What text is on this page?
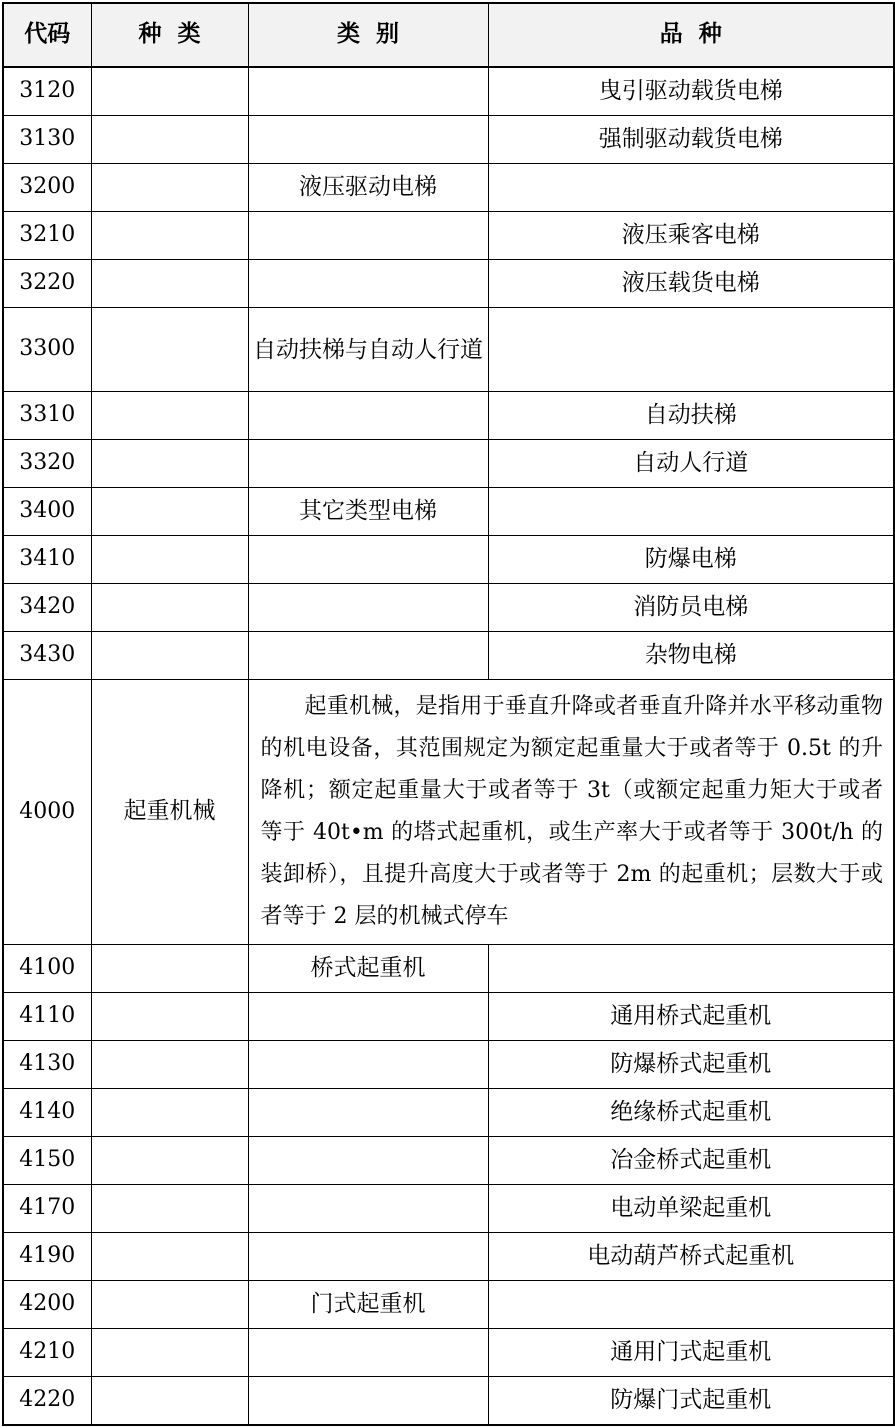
代码	种  类	类  别	品  种
3120			曳引驱动载货电梯
3130			强制驱动载货电梯
3200		液压驱动电梯	
3210			液压乘客电梯
3220			液压载货电梯
3300		自动扶梯与自动人行道	
3310			自动扶梯
3320			自动人行道
3400		其它类型电梯	
3410			防爆电梯
3420			消防员电梯
3430			杂物电梯
4000	起重机械	起重机械，是指用于垂直升降或者垂直升降并水平移动重物的机电设备，其范围规定为额定起重量大于或者等于 0.5t 的升降机；额定起重量大于或者等于 3t（或额定起重力矩大于或者等于 40t•m 的塔式起重机，或生产率大于或者等于 300t/h 的装卸桥），且提升高度大于或者等于 2m 的起重机；层数大于或者等于 2 层的机械式停车	
4100		桥式起重机	
4110			通用桥式起重机
4130			防爆桥式起重机
4140			绝缘桥式起重机
4150			冶金桥式起重机
4170			电动单梁起重机
4190			电动葫芦桥式起重机
4200		门式起重机	
4210			通用门式起重机
4220			防爆门式起重机
